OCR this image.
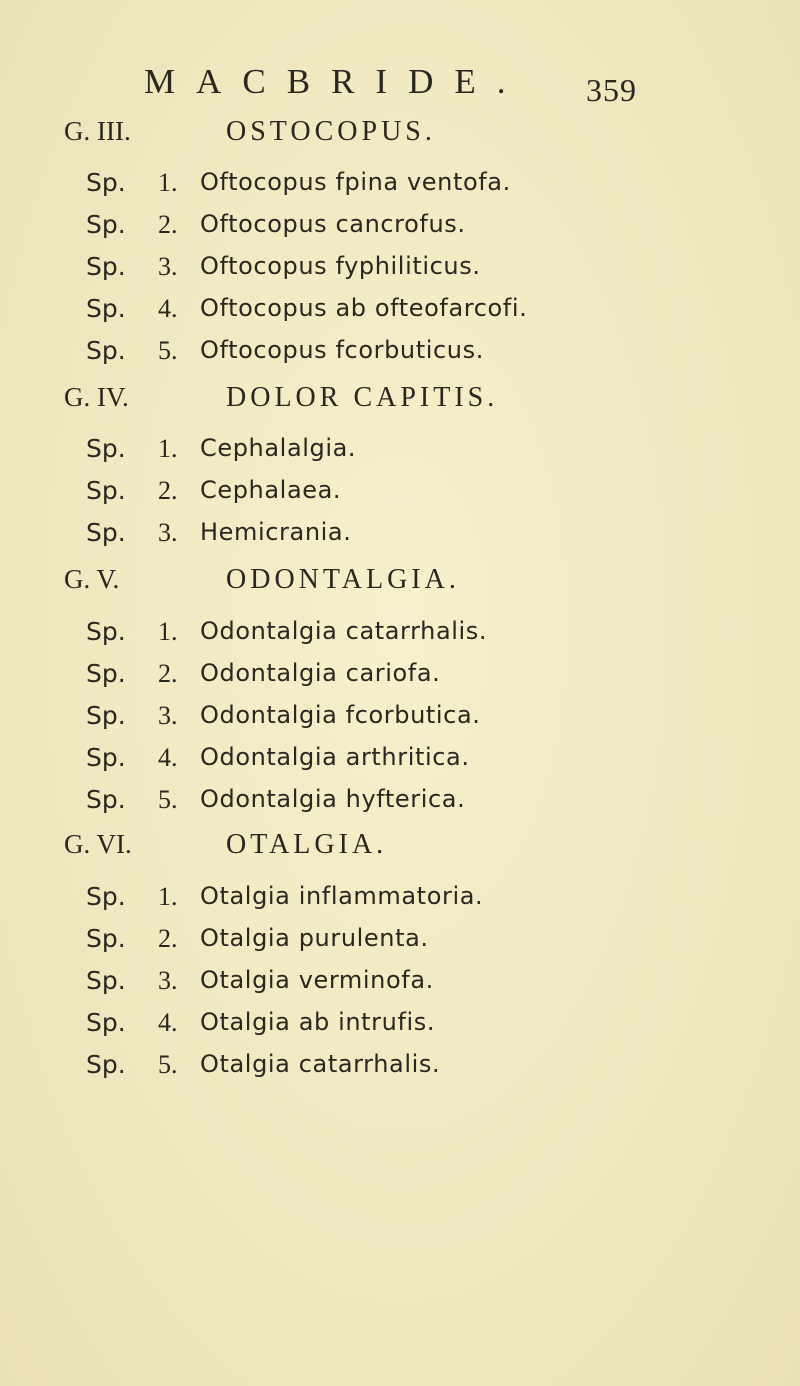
MACBRIDE. 359
G. III.	OSTOCOPUS.
Sp. 1. Oftocopus fpina ventofa.
Sp. 2. Oftocopus cancrofus.
Sp. 3. Oftocopus fyphiliticus.
Sp. 4. Oftocopus ab ofteofarcofi.
Sp. 5. Oftocopus fcorbuticus.
G. IV.	DOLOR CAPITIS.
Sp. 1. Cephalalgia.
Sp. 2. Cephalaea.
Sp. 3. Hemicrania.
G. V.	ODONTALGIA.
Sp. 1. Odontalgia catarrhalis.
Sp. 2. Odontalgia cariofa.
Sp. 3. Odontalgia fcorbutica.
Sp. 4. Odontalgia arthritica.
Sp. 5. Odontalgia hyfterica.
G. VI.	OTALGIA.
Sp. 1. Otalgia inflammatoria.
Sp. 2. Otalgia purulenta.
Sp. 3. Otalgia verminofa.
Sp. 4. Otalgia ab intrufis.
Sp. 5. Otalgia catarrhalis.
